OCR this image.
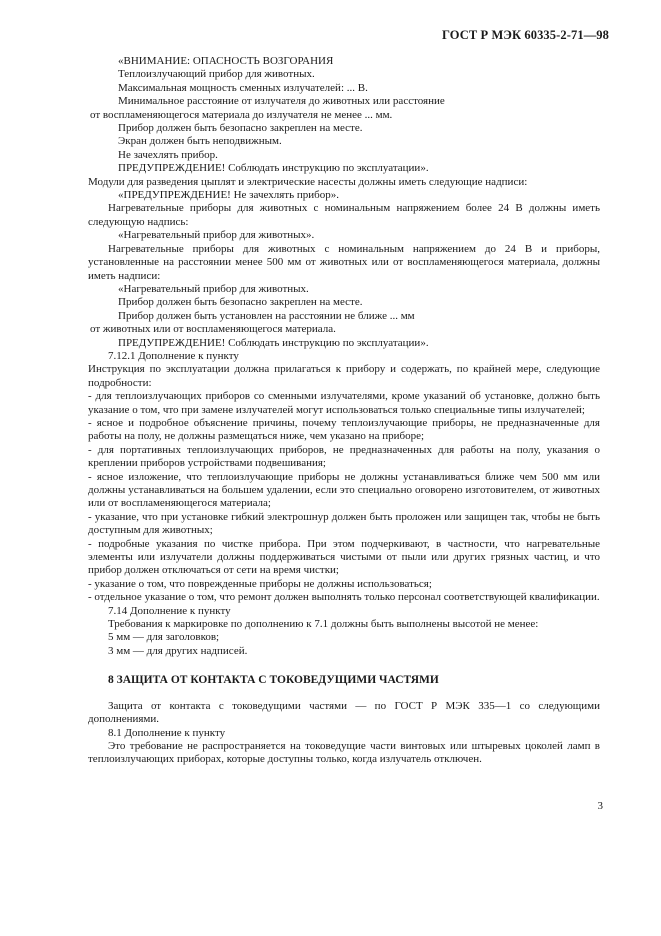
ГОСТ Р МЭК 60335-2-71—98

«ВНИМАНИЕ: ОПАСНОСТЬ ВОЗГОРАНИЯ

Теплоизлучающий прибор для животных.

Максимальная мощность сменных излучателей: ... В.

Минимальное расстояние от излучателя до животных или расстояние

от воспламеняющегося материала до излучателя не менее ... мм.

Прибор должен быть безопасно закреплен на месте.

Экран должен быть неподвижным.

Не зачехлять прибор.

ПРЕДУПРЕЖДЕНИЕ! Соблюдать инструкцию по эксплуатации».

Модули для разведения цыплят и электрические насесты должны иметь следующие надписи:

«ПРЕДУПРЕЖДЕНИЕ! Не зачехлять прибор».

Нагревательные приборы для животных с номинальным напряжением более 24 В должны иметь следующую надпись:

«Нагревательный прибор для животных».

Нагревательные приборы для животных с номинальным напряжением до 24 В и приборы, установленные на расстоянии менее 500 мм от животных или от воспламеняющегося материала, должны иметь надписи:

«Нагревательный прибор для животных.

Прибор должен быть безопасно закреплен на месте.

Прибор должен быть установлен на расстоянии не ближе ... мм

от животных или от воспламеняющегося материала.

ПРЕДУПРЕЖДЕНИЕ! Соблюдать инструкцию по эксплуатации».

7.12.1 Дополнение к пункту

Инструкция по эксплуатации должна прилагаться к прибору и содержать, по крайней мере, следующие подробности:

- для теплоизлучающих приборов со сменными излучателями, кроме указаний об установке, должно быть указание о том, что при замене излучателей могут использоваться только специальные типы излучателей;

- ясное и подробное объяснение причины, почему теплоизлучающие приборы, не предназначенные для работы на полу, не должны размещаться ниже, чем указано на приборе;

- для портативных теплоизлучающих приборов, не предназначенных для работы на полу, указания о креплении приборов устройствами подвешивания;

- ясное изложение, что теплоизлучающие приборы не должны устанавливаться ближе чем 500 мм или должны устанавливаться на большем удалении, если это специально оговорено изготовителем, от животных или от воспламеняющегося материала;

- указание, что при установке гибкий электрошнур должен быть проложен или защищен так, чтобы не быть доступным для животных;

- подробные указания по чистке прибора. При этом подчеркивают, в частности, что нагревательные элементы или излучатели должны поддерживаться чистыми от пыли или других грязных частиц, и что прибор должен отключаться от сети на время чистки;

- указание о том, что поврежденные приборы не должны использоваться;

- отдельное указание о том, что ремонт должен выполнять только персонал соответствующей квалификации.

7.14 Дополнение к пункту

Требования к маркировке по дополнению к 7.1 должны быть выполнены высотой не менее:

5 мм — для заголовков;

3 мм — для других надписей.

8 ЗАЩИТА ОТ КОНТАКТА С ТОКОВЕДУЩИМИ ЧАСТЯМИ

Защита от контакта с токоведущими частями — по ГОСТ Р МЭК 335—1 со следующими дополнениями.

8.1 Дополнение к пункту

Это требование не распространяется на токоведущие части винтовых или штыревых цоколей ламп в теплоизлучающих приборах, которые доступны только, когда излучатель отключен.

3
